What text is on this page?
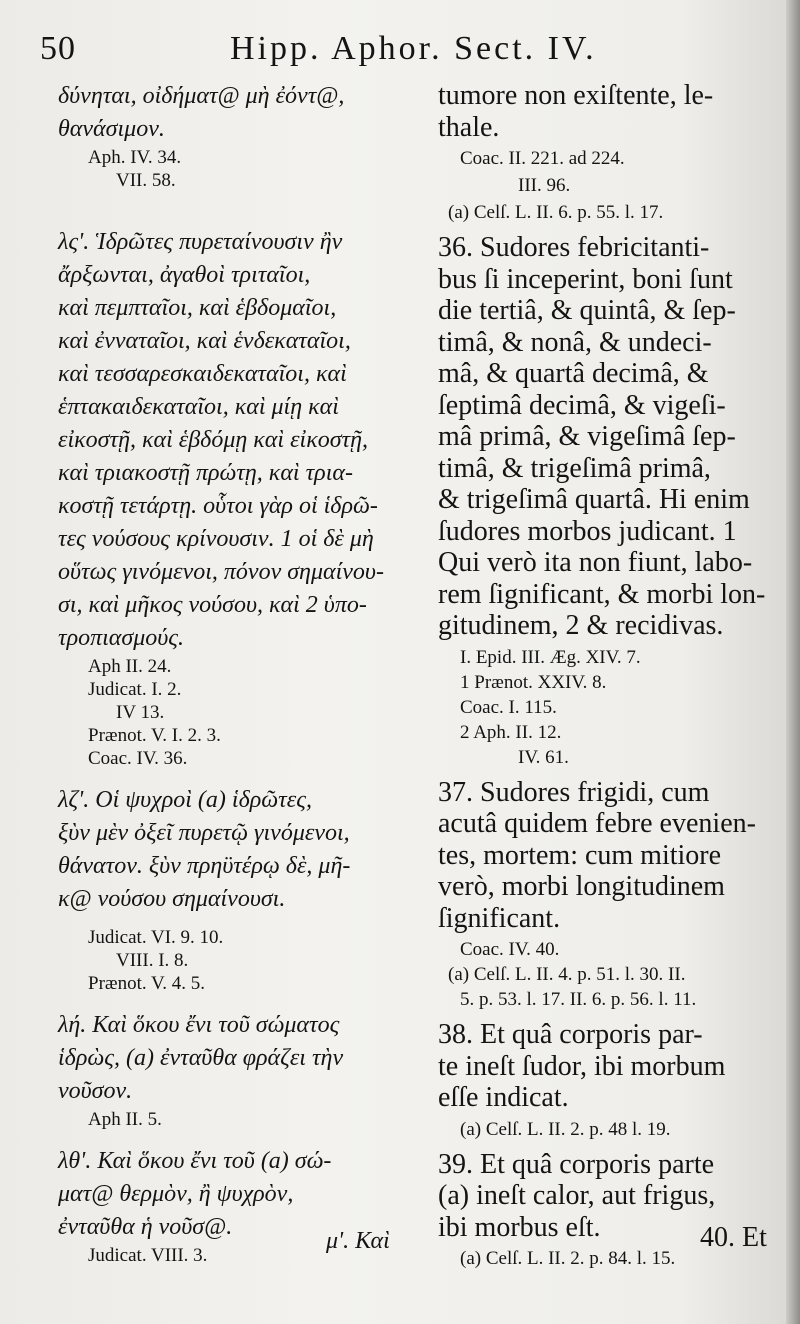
50	Hipp. Aphor. Sect. IV.
δύνηται, οἰδήματ@ μὴ ἐόντ@,
θανάσιμον.
Aph. IV. 34.
VII. 58.
λς'. Ἱδρῶτες πυρεταίνουσιν ἢν
ἄρξωνται, ἀγαθοὶ τριταῖοι,
καὶ πεμπταῖοι, καὶ ἑβδομαῖοι,
καὶ ἐνναταῖοι, καὶ ἑνδεκαταῖοι,
καὶ τεσσαρεσκαιδεκαταῖοι, καὶ
ἑπτακαιδεκαταῖοι, καὶ μίῃ καὶ
εἰκοστῇ, καὶ ἑβδόμῃ καὶ εἰκοστῇ,
καὶ τριακοστῇ πρώτῃ, καὶ τρια-
κοστῇ τετάρτῃ. οὗτοι γὰρ οἱ ἱδρῶ-
τες νούσους κρίνουσιν. 1 οἱ δὲ μὴ
οὕτως γινόμενοι, πόνον σημαίνου-
σι, καὶ μῆκος νούσου, καὶ 2 ὑπο-
τροπιασμούς.
Aph II. 24.
Judicat. I. 2.
IV 13.
Prænot. V. I. 2. 3.
Coac. IV. 36.
λζ'. Οἱ ψυχροὶ (a) ἱδρῶτες,
ξὺν μὲν ὀξεῖ πυρετῷ γινόμενοι,
θάνατον. ξὺν πρηϋτέρῳ δὲ, μῆ-
κ@ νούσου σημαίνουσι.
Judicat. VI. 9. 10.
VIII. I. 8.
Prænot. V. 4. 5.
λή. Καὶ ὅκου ἔνι τοῦ σώματος
ἱδρὼς, (a) ἐνταῦθα φράζει τὴν
νοῦσον.
Aph II. 5.
λθ'. Καὶ ὅκου ἔνι τοῦ (a) σώ-
ματ@ θερμὸν, ἢ ψυχρὸν,
ἐνταῦθα ἡ νοῦσ@.
Judicat. VIII. 3.
tumore non exiſtente, le-
thale.
Coac. II. 221. ad 224.
III. 96.
(a) Celſ. L. II. 6. p. 55. l. 17.
36. Sudores febricitanti-
bus ſi inceperint, boni ſunt
die tertiâ, & quintâ, & ſep-
timâ, & nonâ, & undeci-
mâ, & quartâ decimâ, &
ſeptimâ decimâ, & vigeſi-
mâ primâ, & vigeſimâ ſep-
timâ, & trigeſimâ primâ,
& trigeſimâ quartâ. Hi enim
ſudores morbos judicant. 1
Qui verò ita non fiunt, labo-
rem ſignificant, & morbi lon-
gitudinem, 2 & recidivas.
I. Epid. III. Æg. XIV. 7.
1 Prænot. XXIV. 8.
Coac. I. 115.
2 Aph. II. 12.
IV. 61.
37. Sudores frigidi, cum
acutâ quidem febre evenien-
tes, mortem: cum mitiore
verò, morbi longitudinem
ſignificant.
Coac. IV. 40.
(a) Celſ. L. II. 4. p. 51. l. 30. II.
5. p. 53. l. 17. II. 6. p. 56. l. 11.
38. Et quâ corporis par-
te ineſt ſudor, ibi morbum
eſſe indicat.
(a) Celſ. L. II. 2. p. 48 l. 19.
39. Et quâ corporis parte
(a) ineſt calor, aut frigus,
ibi morbus eſt.
(a) Celſ. L. II. 2. p. 84. l. 15.
μ'. Καὶ	40. Et
